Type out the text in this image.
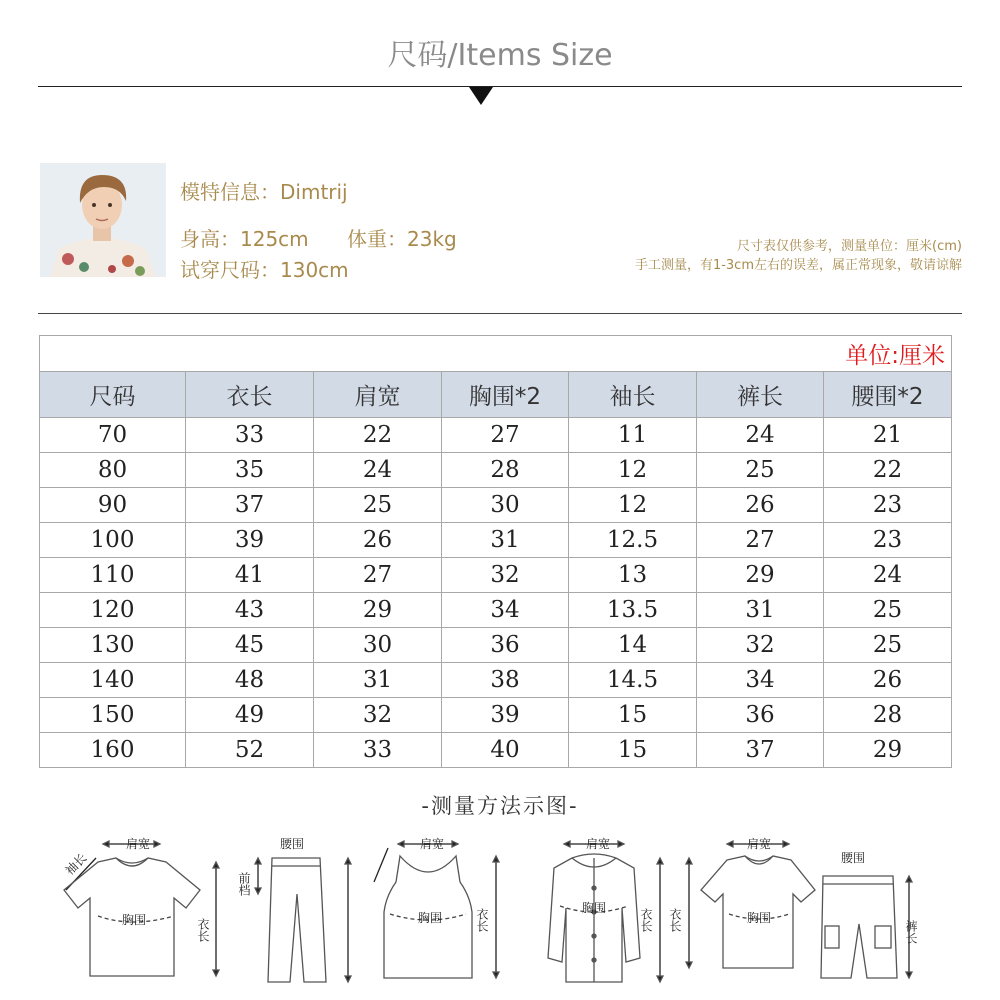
尺码/Items Size
模特信息：Dimtrij
身高：125cm 体重：23kg
试穿尺码：130cm
尺寸表仅供参考，测量单位：厘米(cm)
手工测量，有1-3cm左右的误差，属正常现象，敬请谅解
单位:厘米						
尺码	衣长	肩宽	胸围*2	袖长	裤长	腰围*2
70	33	22	27	11	24	21
80	35	24	28	12	25	22
90	37	25	30	12	26	23
100	39	26	31	12.5	27	23
110	41	27	32	13	29	24
120	43	29	34	13.5	31	25
130	45	30	36	14	32	25
140	48	31	38	14.5	34	26
150	49	32	39	15	36	28
160	52	33	40	15	37	29
-测量方法示图-
肩宽
袖长
胸围	衣长
腰围
前档
肩宽
胸围	衣长
肩宽
胸围	衣长
肩宽
胸围
衣长
腰围
裤长
